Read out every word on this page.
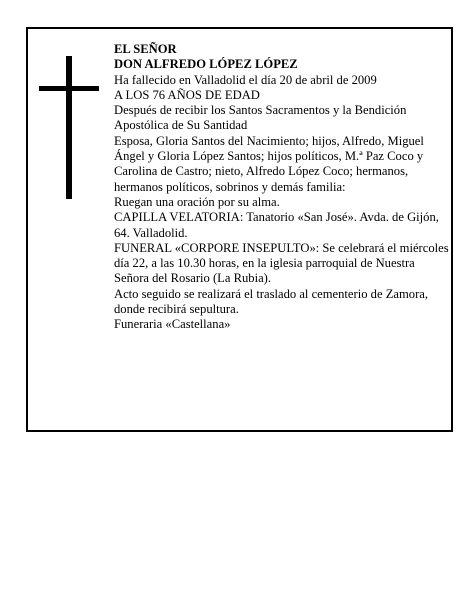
EL SEÑOR

DON ALFREDO LÓPEZ LÓPEZ

Ha fallecido en Valladolid el día 20 de abril de 2009

A LOS 76 AÑOS DE EDAD

Después de recibir los Santos Sacramentos y la Bendición Apostólica de Su Santidad

Esposa, Gloria Santos del Nacimiento; hijos, Alfredo, Miguel Ángel y Gloria López Santos; hijos políticos, M.ª Paz Coco y Carolina de Castro; nieto, Alfredo López Coco; hermanos, hermanos políticos, sobrinos y demás familia:

Ruegan una oración por su alma.

CAPILLA VELATORIA: Tanatorio «San José». Avda. de Gijón, 64. Valladolid.

FUNERAL «CORPORE INSEPULTO»: Se celebrará el miércoles día 22, a las 10.30 horas, en la iglesia parroquial de Nuestra Señora del Rosario (La Rubia).

Acto seguido se realizará el traslado al cementerio de Zamora, donde recibirá sepultura.

Funeraria «Castellana»
